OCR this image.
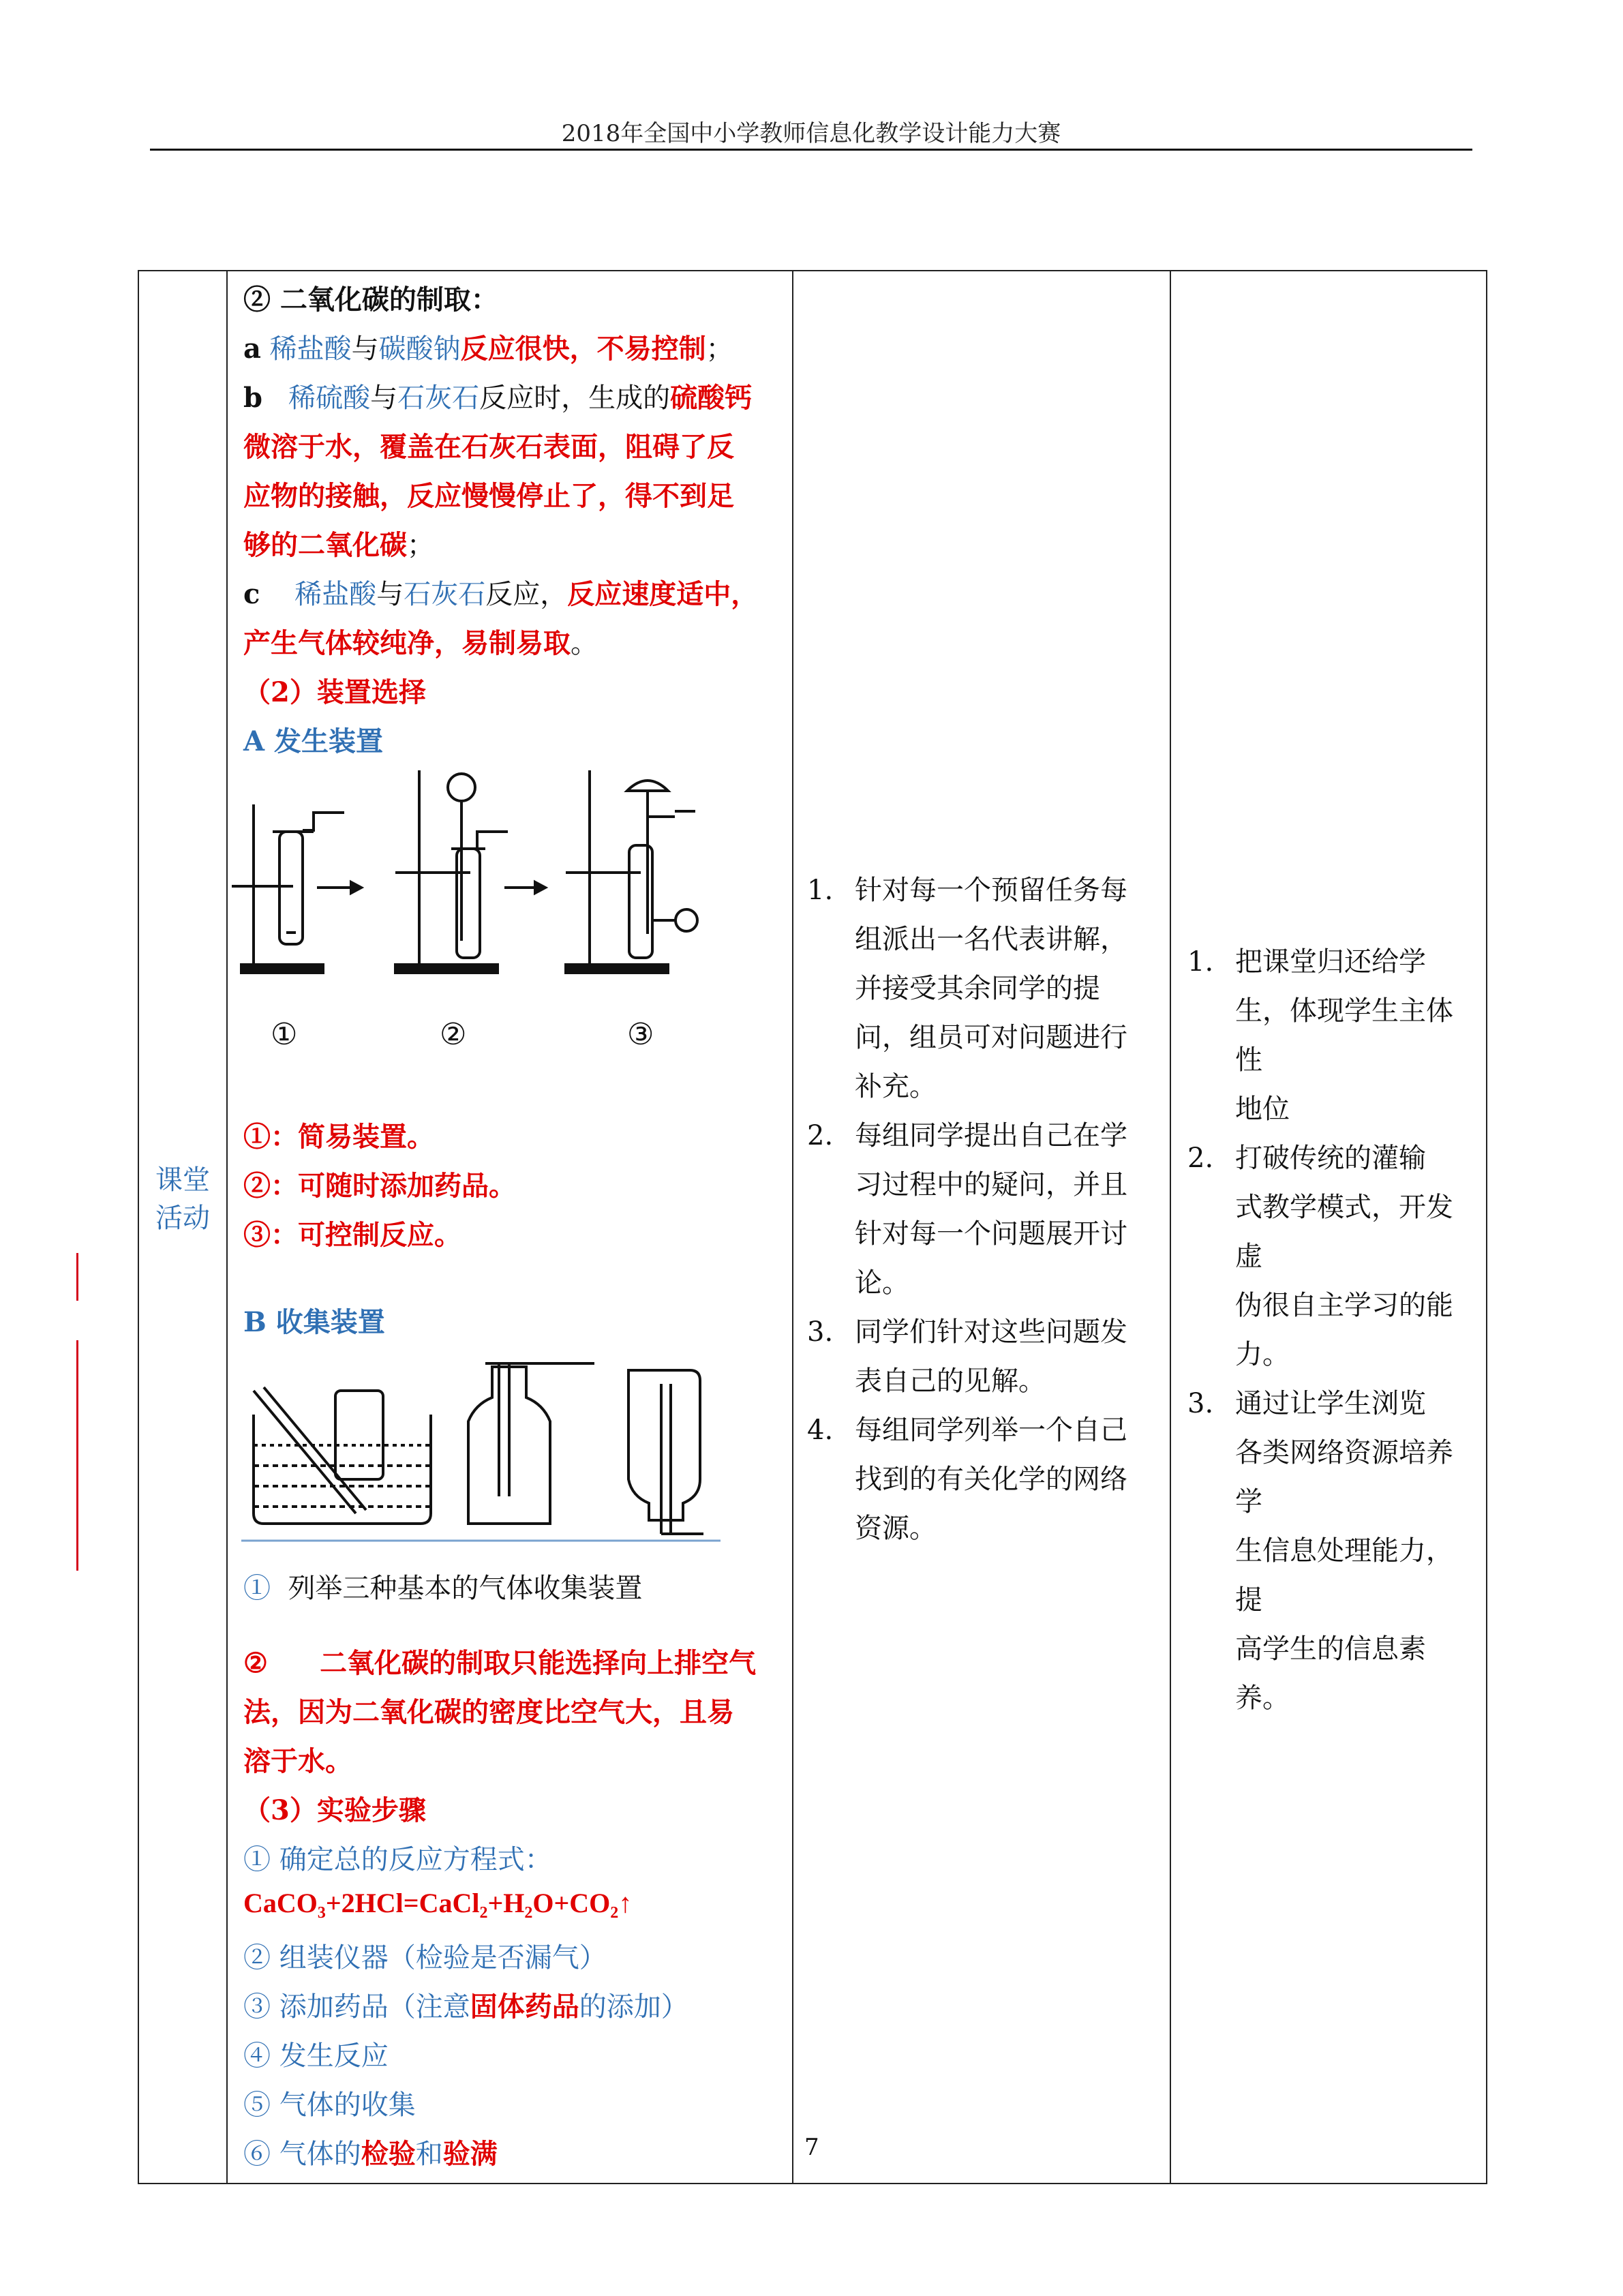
2018年全国中小学教师信息化教学设计能力大赛
课堂
活动
② 二氧化碳的制取：
a 稀盐酸与碳酸钠反应很快，不易控制；
b 稀硫酸与石灰石反应时，生成的硫酸钙
微溶于水，覆盖在石灰石表面，阻碍了反
应物的接触，反应慢慢停止了，得不到足
够的二氧化碳；
c 稀盐酸与石灰石反应，反应速度适中，
产生气体较纯净，易制易取。
（2）装置选择
A 发生装置
①	②	③
①：简易装置。
②：可随时添加药品。
③：可控制反应。
B 收集装置
① 列举三种基本的气体收集装置
② 二氧化碳的制取只能选择向上排空气
法，因为二氧化碳的密度比空气大，且易
溶于水。
（3）实验步骤
① 确定总的反应方程式：
CaCO₃+2HCl=CaCl₂+H₂O+CO₂↑
② 组装仪器（检验是否漏气）
③ 添加药品（注意固体药品的添加）
④ 发生反应
⑤ 气体的收集
⑥ 气体的检验和验满
1. 针对每一个预留任务每
组派出一名代表讲解，
并接受其余同学的提
问，组员可对问题进行
补充。
2. 每组同学提出自己在学
习过程中的疑问，并且
针对每一个问题展开讨
论。
3. 同学们针对这些问题发
表自己的见解。
4. 每组同学列举一个自己
找到的有关化学的网络
资源。
1. 把课堂归还给学
生，体现学生主体性
地位
2. 打破传统的灌输
式教学模式，开发虚
伪很自主学习的能
力。
3. 通过让学生浏览
各类网络资源培养学
生信息处理能力，提
高学生的信息素养。
7
